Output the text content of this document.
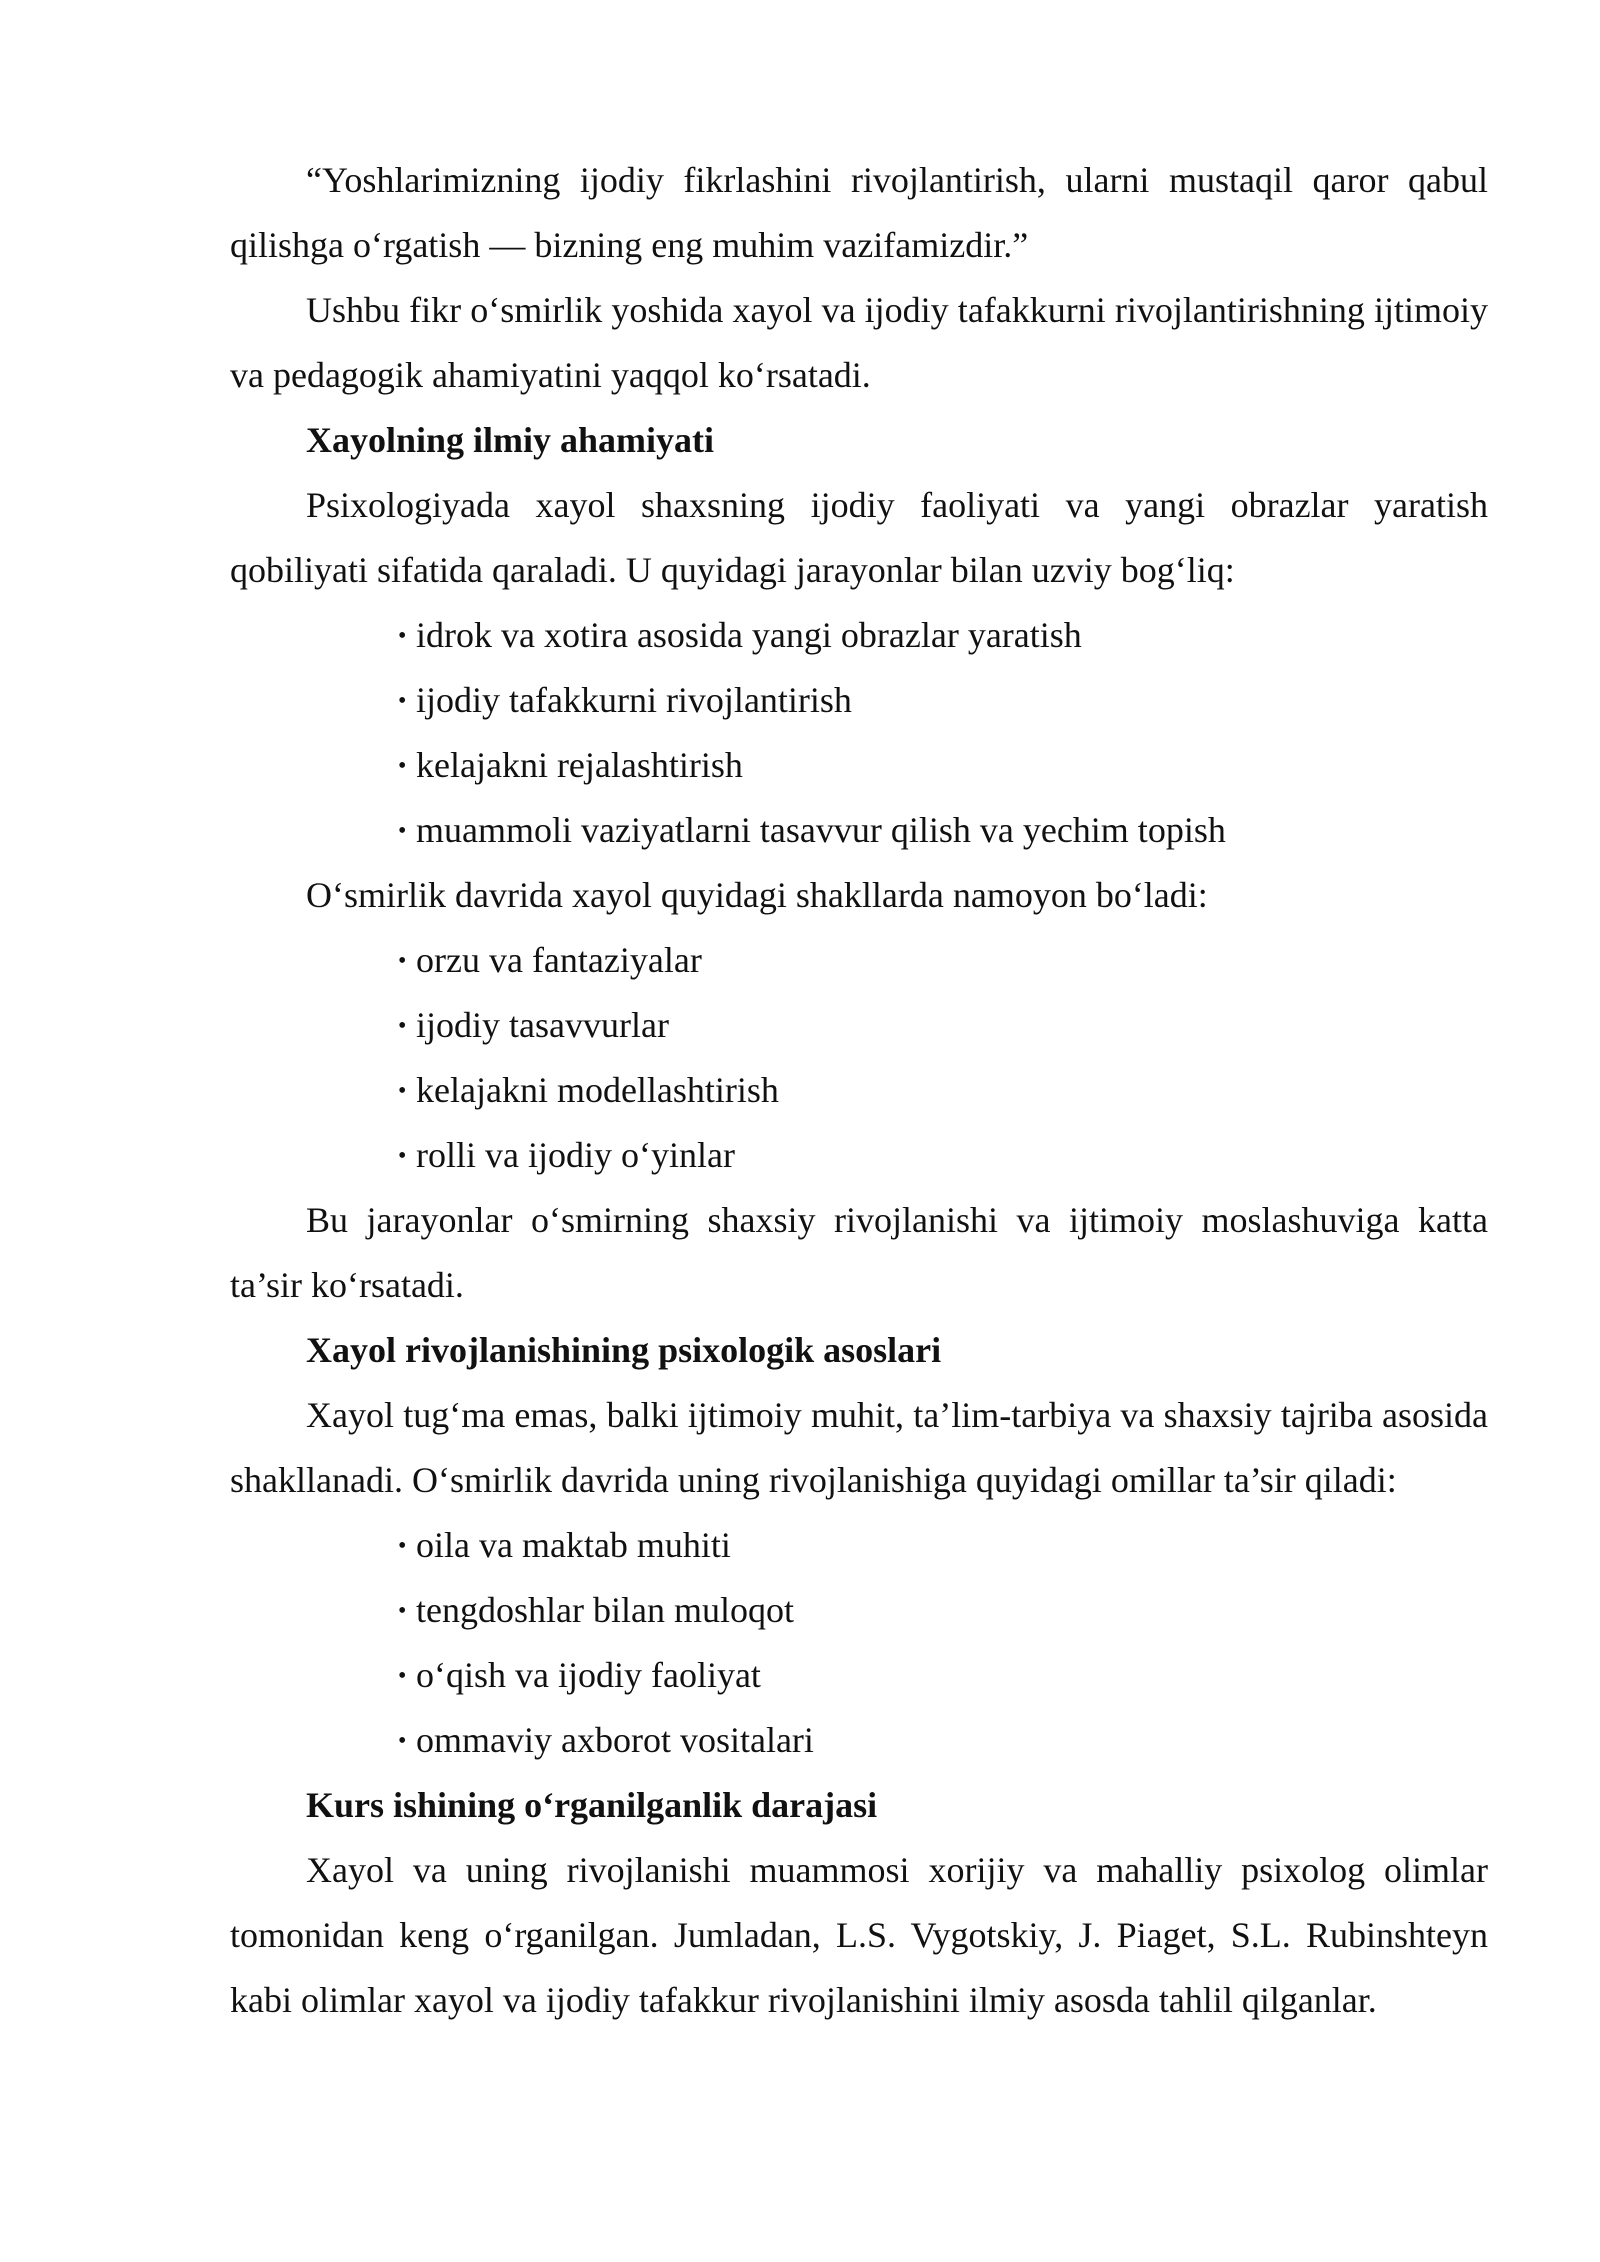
“Yoshlarimizning ijodiy fikrlashini rivojlantirish, ularni mustaqil qaror qabul qilishga o‘rgatish — bizning eng muhim vazifamizdir.”

Ushbu fikr o‘smirlik yoshida xayol va ijodiy tafakkurni rivojlantirishning ijtimoiy va pedagogik ahamiyatini yaqqol ko‘rsatadi.

Xayolning ilmiy ahamiyati

Psixologiyada xayol shaxsning ijodiy faoliyati va yangi obrazlar yaratish qobiliyati sifatida qaraladi. U quyidagi jarayonlar bilan uzviy bog‘liq:

• idrok va xotira asosida yangi obrazlar yaratish
• ijodiy tafakkurni rivojlantirish
• kelajakni rejalashtirish
• muammoli vaziyatlarni tasavvur qilish va yechim topish

O‘smirlik davrida xayol quyidagi shakllarda namoyon bo‘ladi:

• orzu va fantaziyalar
• ijodiy tasavvurlar
• kelajakni modellashtirish
• rolli va ijodiy o‘yinlar

Bu jarayonlar o‘smirning shaxsiy rivojlanishi va ijtimoiy moslashuviga katta ta’sir ko‘rsatadi.

Xayol rivojlanishining psixologik asoslari

Xayol tug‘ma emas, balki ijtimoiy muhit, ta’lim-tarbiya va shaxsiy tajriba asosida shakllanadi. O‘smirlik davrida uning rivojlanishiga quyidagi omillar ta’sir qiladi:

• oila va maktab muhiti
• tengdoshlar bilan muloqot
• o‘qish va ijodiy faoliyat
• ommaviy axborot vositalari

Kurs ishining o‘rganilganlik darajasi

Xayol va uning rivojlanishi muammosi xorijiy va mahalliy psixolog olimlar tomonidan keng o‘rganilgan. Jumladan, L.S. Vygotskiy, J. Piaget, S.L. Rubinshteyn kabi olimlar xayol va ijodiy tafakkur rivojlanishini ilmiy asosda tahlil qilganlar.
